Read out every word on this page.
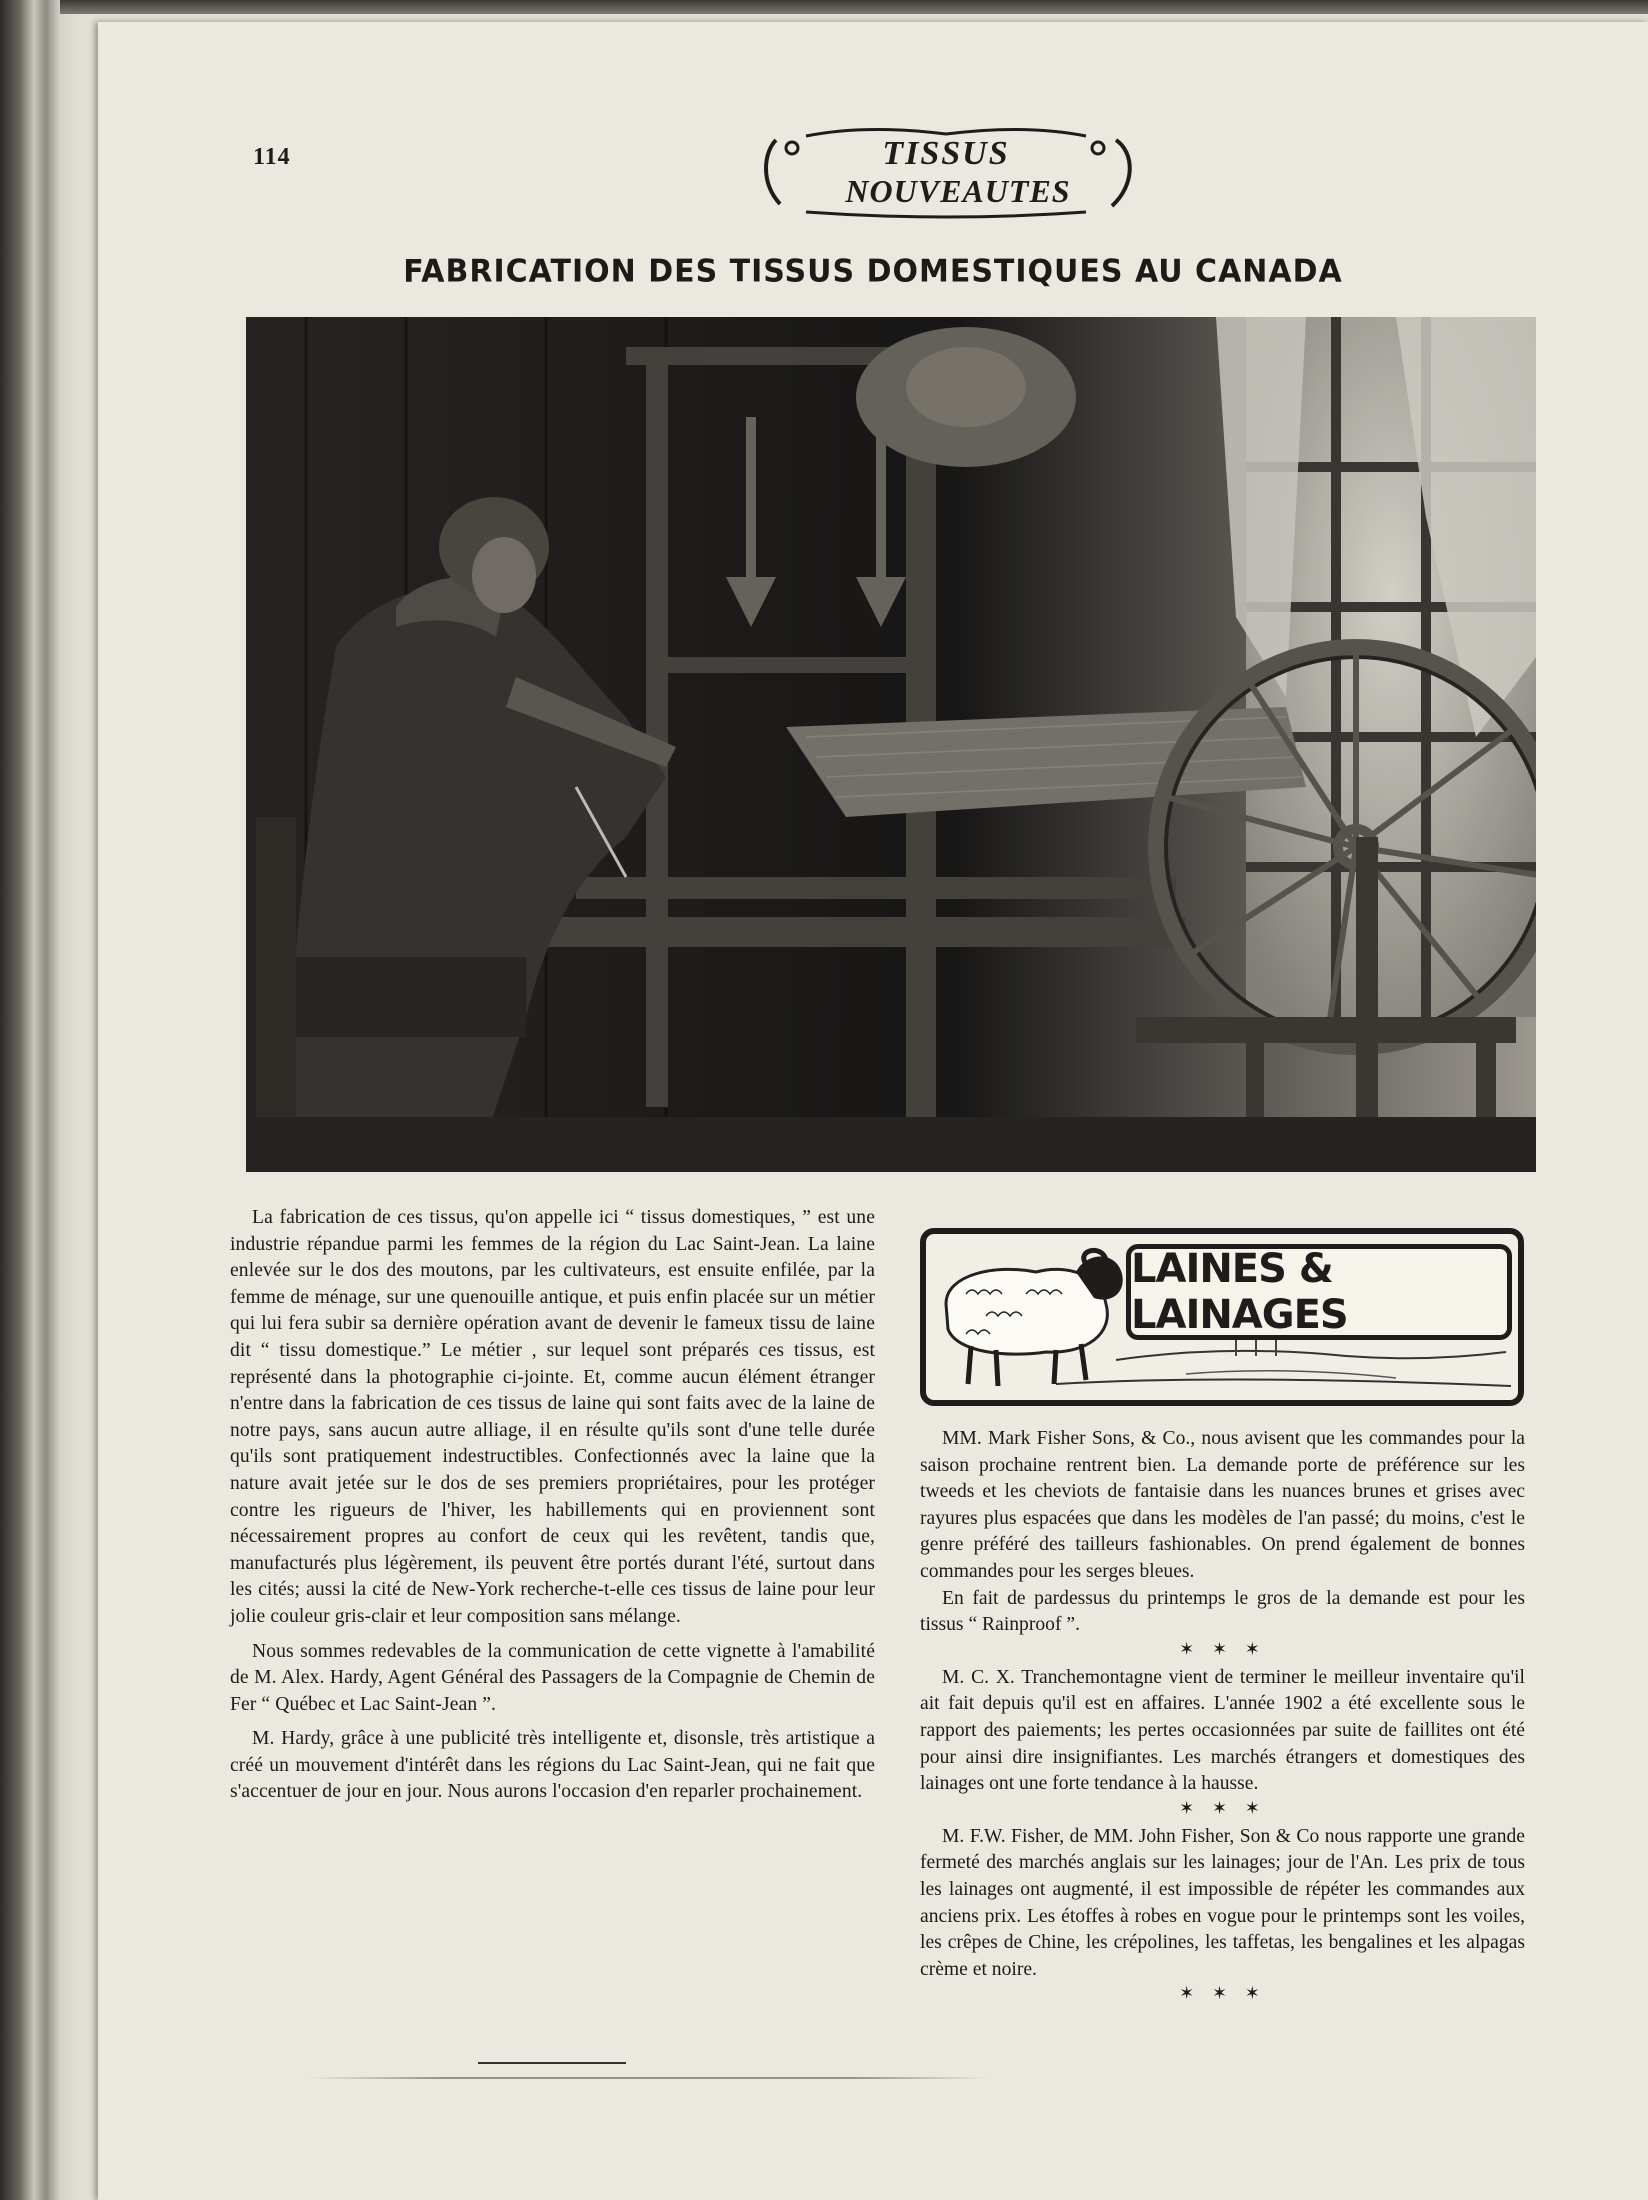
114	TISSUS
NOUVEAUTES
FABRICATION DES TISSUS DOMESTIQUES AU CANADA

La fabrication de ces tissus, qu'on appelle ici “ tissus domestiques, ” est une industrie répandue parmi les femmes de la région du Lac Saint-Jean. La laine enlevée sur le dos des moutons, par les cultivateurs, est ensuite enfilée, par la femme de ménage, sur une quenouille antique, et puis enfin placée sur un métier qui lui fera subir sa dernière opération avant de devenir le fameux tissu de laine dit “ tissu domestique.” Le métier , sur lequel sont préparés ces tissus, est représenté dans la photographie ci-jointe. Et, comme aucun élément étranger n'entre dans la fabrication de ces tissus de laine qui sont faits avec de la laine de notre pays, sans aucun autre alliage, il en résulte qu'ils sont d'une telle durée qu'ils sont pratiquement indestructibles. Confectionnés avec la laine que la nature avait jetée sur le dos de ses premiers propriétaires, pour les protéger contre les rigueurs de l'hiver, les habillements qui en proviennent sont nécessairement propres au confort de ceux qui les revêtent, tandis que, manufacturés plus légèrement, ils peuvent être portés durant l'été, surtout dans les cités; aussi la cité de New-York recherche-t-elle ces tissus de laine pour leur jolie couleur gris-clair et leur composition sans mélange.

Nous sommes redevables de la communication de cette vignette à l'amabilité de M. Alex. Hardy, Agent Général des Passagers de la Compagnie de Chemin de Fer “ Québec et Lac Saint-Jean ”.

M. Hardy, grâce à une publicité très intelligente et, disonsle, très artistique a créé un mouvement d'intérêt dans les régions du Lac Saint-Jean, qui ne fait que s'accentuer de jour en jour. Nous aurons l'occasion d'en reparler prochainement.

LAINES & LAINAGES

MM. Mark Fisher Sons, & Co., nous avisent que les commandes pour la saison prochaine rentrent bien. La demande porte de préférence sur les tweeds et les cheviots de fantaisie dans les nuances brunes et grises avec rayures plus espacées que dans les modèles de l'an passé; du moins, c'est le genre préféré des tailleurs fashionables. On prend également de bonnes commandes pour les serges bleues.

En fait de pardessus du printemps le gros de la demande est pour les tissus “ Rainproof ”.

✶ ✶ ✶

M. C. X. Tranchemontagne vient de terminer le meilleur inventaire qu'il ait fait depuis qu'il est en affaires. L'année 1902 a été excellente sous le rapport des paiements; les pertes occasionnées par suite de faillites ont été pour ainsi dire insignifiantes. Les marchés étrangers et domestiques des lainages ont une forte tendance à la hausse.

✶ ✶ ✶

M. F.W. Fisher, de MM. John Fisher, Son & Co nous rapporte une grande fermeté des marchés anglais sur les lainages; jour de l'An. Les prix de tous les lainages ont augmenté, il est impossible de répéter les commandes aux anciens prix. Les étoffes à robes en vogue pour le printemps sont les voiles, les crêpes de Chine, les crépolines, les taffetas, les bengalines et les alpagas crème et noire.

✶ ✶ ✶
